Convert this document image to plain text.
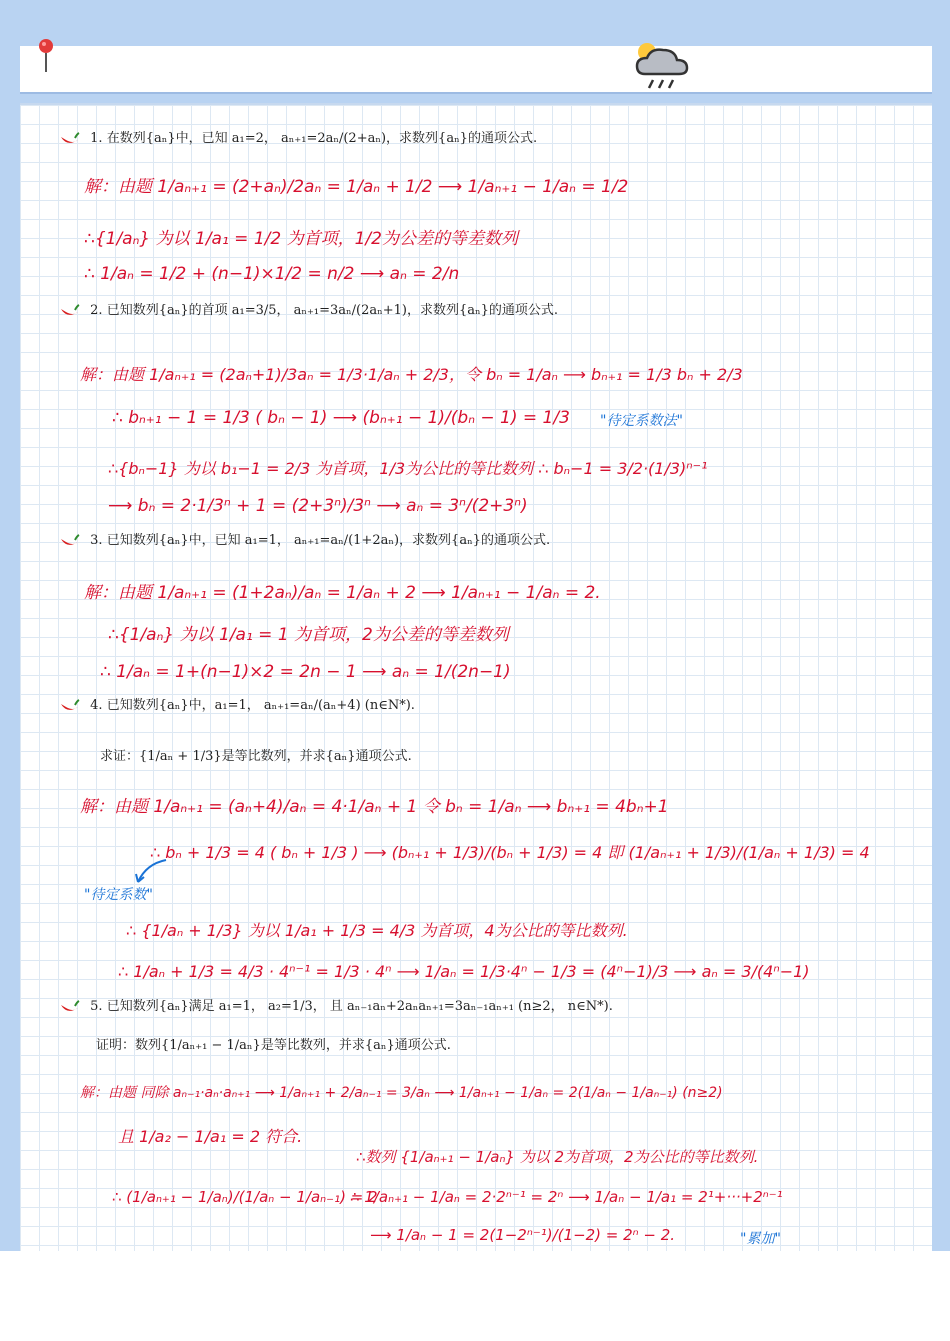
1. 在数列{aₙ}中，已知 a₁=2， aₙ₊₁=2aₙ/(2+aₙ)，求数列{aₙ}的通项公式.
解：由题 1/aₙ₊₁ = (2+aₙ)/2aₙ = 1/aₙ + 1/2 ⟶ 1/aₙ₊₁ − 1/aₙ = 1/2
∴{1/aₙ} 为以 1/a₁ = 1/2 为首项，1/2为公差的等差数列
∴ 1/aₙ = 1/2 + (n−1)×1/2 = n/2 ⟶ aₙ = 2/n
2. 已知数列{aₙ}的首项 a₁=3/5， aₙ₊₁=3aₙ/(2aₙ+1)，求数列{aₙ}的通项公式.
解：由题 1/aₙ₊₁ = (2aₙ+1)/3aₙ = 1/3·1/aₙ + 2/3，令 bₙ = 1/aₙ ⟶ bₙ₊₁ = 1/3 bₙ + 2/3
∴ bₙ₊₁ − 1 = 1/3 ( bₙ − 1) ⟶ (bₙ₊₁ − 1)/(bₙ − 1) = 1/3 "待定系数法"
∴{bₙ−1} 为以 b₁−1 = 2/3 为首项，1/3为公比的等比数列 ∴ bₙ−1 = 3/2·(1/3)ⁿ⁻¹
⟶ bₙ = 2·1/3ⁿ + 1 = (2+3ⁿ)/3ⁿ ⟶ aₙ = 3ⁿ/(2+3ⁿ)
3. 已知数列{aₙ}中，已知 a₁=1， aₙ₊₁=aₙ/(1+2aₙ)，求数列{aₙ}的通项公式.
解：由题 1/aₙ₊₁ = (1+2aₙ)/aₙ = 1/aₙ + 2 ⟶ 1/aₙ₊₁ − 1/aₙ = 2.
∴{1/aₙ} 为以 1/a₁ = 1 为首项，2为公差的等差数列
∴ 1/aₙ = 1+(n−1)×2 = 2n − 1 ⟶ aₙ = 1/(2n−1)
4. 已知数列{aₙ}中，a₁=1， aₙ₊₁=aₙ/(aₙ+4) (n∈N*).
求证：{1/aₙ + 1/3}是等比数列，并求{aₙ}通项公式.
解：由题 1/aₙ₊₁ = (aₙ+4)/aₙ = 4·1/aₙ + 1 令 bₙ = 1/aₙ ⟶ bₙ₊₁ = 4bₙ+1
∴ bₙ + 1/3 = 4 ( bₙ + 1/3 ) ⟶ (bₙ₊₁ + 1/3)/(bₙ + 1/3) = 4 即 (1/aₙ₊₁ + 1/3)/(1/aₙ + 1/3) = 4
"待定系数"
∴ {1/aₙ + 1/3} 为以 1/a₁ + 1/3 = 4/3 为首项，4为公比的等比数列.
∴ 1/aₙ + 1/3 = 4/3 · 4ⁿ⁻¹ = 1/3 · 4ⁿ ⟶ 1/aₙ = 1/3·4ⁿ − 1/3 = (4ⁿ−1)/3 ⟶ aₙ = 3/(4ⁿ−1)
5. 已知数列{aₙ}满足 a₁=1， a₂=1/3， 且 aₙ₋₁aₙ+2aₙaₙ₊₁=3aₙ₋₁aₙ₊₁ (n≥2， n∈N*).
证明：数列{1/aₙ₊₁ − 1/aₙ}是等比数列，并求{aₙ}通项公式.
解：由题 同除 aₙ₋₁·aₙ·aₙ₊₁ ⟶ 1/aₙ₊₁ + 2/aₙ₋₁ = 3/aₙ ⟶ 1/aₙ₊₁ − 1/aₙ = 2(1/aₙ − 1/aₙ₋₁) (n≥2)
且 1/a₂ − 1/a₁ = 2 符合.
∴数列 {1/aₙ₊₁ − 1/aₙ} 为以 2为首项，2为公比的等比数列.
∴ (1/aₙ₊₁ − 1/aₙ)/(1/aₙ − 1/aₙ₋₁) = 2
∴ 1/aₙ₊₁ − 1/aₙ = 2·2ⁿ⁻¹ = 2ⁿ ⟶ 1/aₙ − 1/a₁ = 2¹+···+2ⁿ⁻¹
⟶ 1/aₙ − 1 = 2(1−2ⁿ⁻¹)/(1−2) = 2ⁿ − 2.	"累加"
